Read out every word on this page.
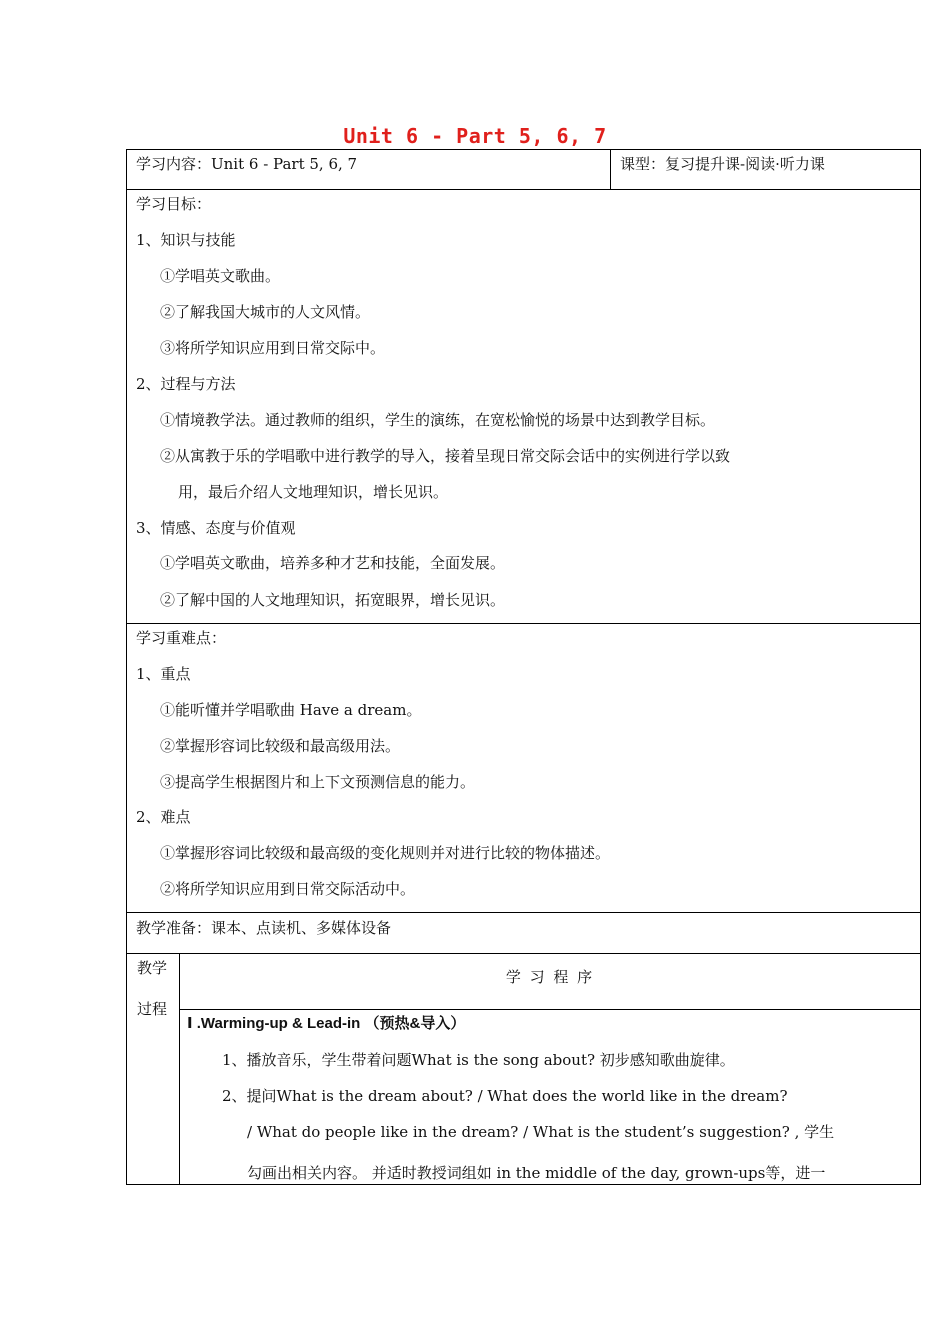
Unit 6 - Part 5, 6, 7
学习内容：Unit 6 - Part 5, 6, 7	课型：复习提升课-阅读·听力课
学习目标：
1、知识与技能
①学唱英文歌曲。
②了解我国大城市的人文风情。
③将所学知识应用到日常交际中。
2、过程与方法
①情境教学法。通过教师的组织，学生的演练，在宽松愉悦的场景中达到教学目标。
②从寓教于乐的学唱歌中进行教学的导入，接着呈现日常交际会话中的实例进行学以致
用，最后介绍人文地理知识，增长见识。
3、情感、态度与价值观
①学唱英文歌曲，培养多种才艺和技能，全面发展。
②了解中国的人文地理知识，拓宽眼界，增长见识。
学习重难点：
1、重点
①能听懂并学唱歌曲 Have a dream。
②掌握形容词比较级和最高级用法。
③提高学生根据图片和上下文预测信息的能力。
2、难点
①掌握形容词比较级和最高级的变化规则并对进行比较的物体描述。
②将所学知识应用到日常交际活动中。
教学准备：课本、点读机、多媒体设备
教学
过程
学 习 程 序
Ⅰ .Warming-up & Lead-in （预热&导入）
1、播放音乐，学生带着问题What is the song about? 初步感知歌曲旋律。
2、提问What is the dream about? / What does the world like in the dream?
/ What do people like in the dream? / What is the student’s suggestion? , 学生
勾画出相关内容。 并适时教授词组如 in the middle of the day, grown-ups等，进一
